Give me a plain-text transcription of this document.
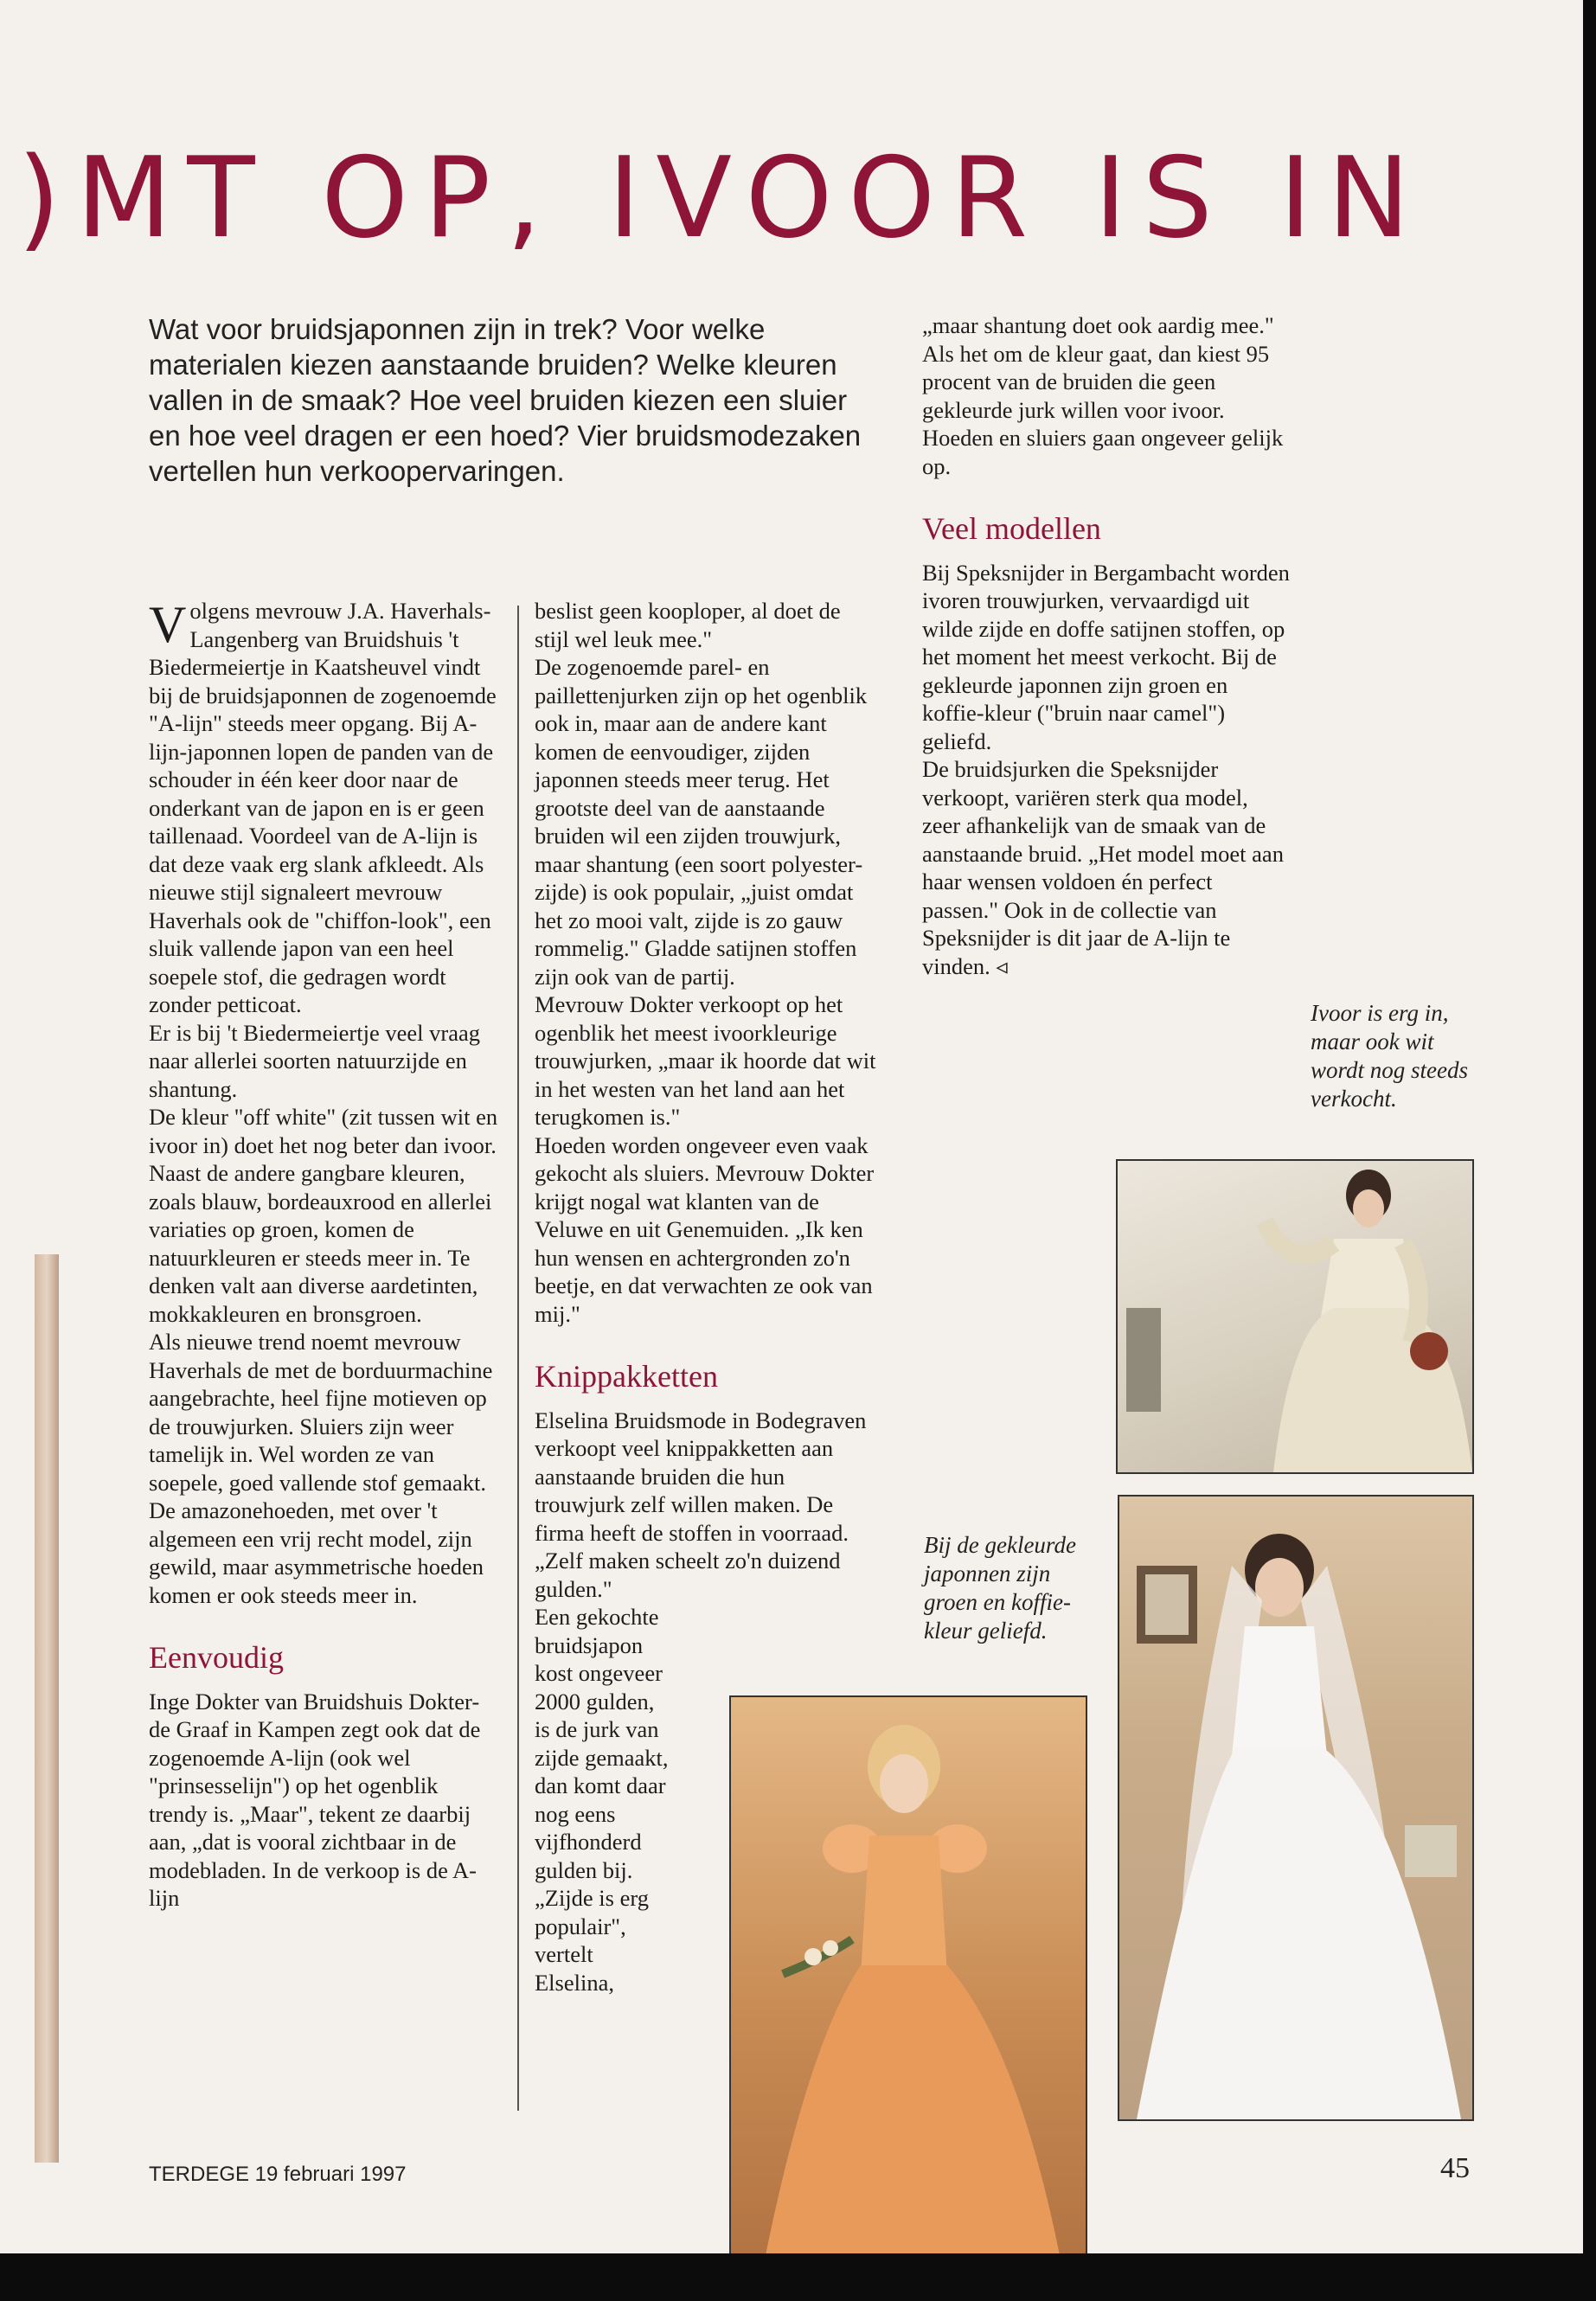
)MT OP, IVOOR IS IN
Wat voor bruidsjaponnen zijn in trek? Voor welke materialen kiezen aanstaande bruiden? Welke kleuren vallen in de smaak? Hoe veel bruiden kiezen een sluier en hoe veel dragen er een hoed? Vier bruidsmodezaken vertellen hun verkoopervaringen.

Volgens mevrouw J.A. Haverhals-Langenberg van Bruidshuis 't Biedermeiertje in Kaatsheuvel vindt bij de bruidsjaponnen de zogenoemde "A-lijn" steeds meer opgang. Bij A-lijn-japonnen lopen de panden van de schouder in één keer door naar de onderkant van de japon en is er geen taillenaad. Voordeel van de A-lijn is dat deze vaak erg slank afkleedt. Als nieuwe stijl signaleert mevrouw Haverhals ook de "chiffon-look", een sluik vallende japon van een heel soepele stof, die gedragen wordt zonder petticoat.

Er is bij 't Biedermeiertje veel vraag naar allerlei soorten natuurzijde en shantung.

De kleur "off white" (zit tussen wit en ivoor in) doet het nog beter dan ivoor. Naast de andere gangbare kleuren, zoals blauw, bordeauxrood en allerlei variaties op groen, komen de natuurkleuren er steeds meer in. Te denken valt aan diverse aardetinten, mokkakleuren en bronsgroen.

Als nieuwe trend noemt mevrouw Haverhals de met de borduurmachine aangebrachte, heel fijne motieven op de trouwjurken. Sluiers zijn weer tamelijk in. Wel worden ze van soepele, goed vallende stof gemaakt. De amazonehoeden, met over 't algemeen een vrij recht model, zijn gewild, maar asymmetrische hoeden komen er ook steeds meer in.

Eenvoudig

Inge Dokter van Bruidshuis Dokter-de Graaf in Kampen zegt ook dat de zogenoemde A-lijn (ook wel "prinsesselijn") op het ogenblik trendy is. „Maar", tekent ze daarbij aan, „dat is vooral zichtbaar in de modebladen. In de verkoop is de A-lijn

beslist geen kooploper, al doet de stijl wel leuk mee."

De zogenoemde parel- en paillettenjurken zijn op het ogenblik ook in, maar aan de andere kant komen de eenvoudiger, zijden japonnen steeds meer terug. Het grootste deel van de aanstaande bruiden wil een zijden trouwjurk, maar shantung (een soort polyester-zijde) is ook populair, „juist omdat het zo mooi valt, zijde is zo gauw rommelig." Gladde satijnen stoffen zijn ook van de partij.

Mevrouw Dokter verkoopt op het ogenblik het meest ivoorkleurige trouwjurken, „maar ik hoorde dat wit in het westen van het land aan het terugkomen is."

Hoeden worden ongeveer even vaak gekocht als sluiers. Mevrouw Dokter krijgt nogal wat klanten van de Veluwe en uit Genemuiden. „Ik ken hun wensen en achtergronden zo'n beetje, en dat verwachten ze ook van mij."

Knippakketten

Elselina Bruidsmode in Bodegraven verkoopt veel knippakketten aan aanstaande bruiden die hun trouwjurk zelf willen maken. De firma heeft de stoffen in voorraad. „Zelf maken scheelt zo'n duizend gulden."

Een gekochte bruidsjapon kost ongeveer 2000 gulden, is de jurk van zijde gemaakt, dan komt daar nog eens vijfhonderd gulden bij.

„Zijde is erg populair", vertelt Elselina,

„maar shantung doet ook aardig mee." Als het om de kleur gaat, dan kiest 95 procent van de bruiden die geen gekleurde jurk willen voor ivoor.

Hoeden en sluiers gaan ongeveer gelijk op.

Veel modellen

Bij Speksnijder in Bergambacht worden ivoren trouwjurken, vervaardigd uit wilde zijde en doffe satijnen stoffen, op het moment het meest verkocht. Bij de gekleurde japonnen zijn groen en koffie-kleur ("bruin naar camel") geliefd.

De bruidsjurken die Speksnijder verkoopt, variëren sterk qua model, zeer afhankelijk van de smaak van de aanstaande bruid. „Het model moet aan haar wensen voldoen én perfect passen." Ook in de collectie van Speksnijder is dit jaar de A-lijn te vinden. ◃

Ivoor is erg in, maar ook wit wordt nog steeds verkocht.
Bij de gekleurde japonnen zijn groen en koffie-kleur geliefd.
TERDEGE 19 februari 1997	45
